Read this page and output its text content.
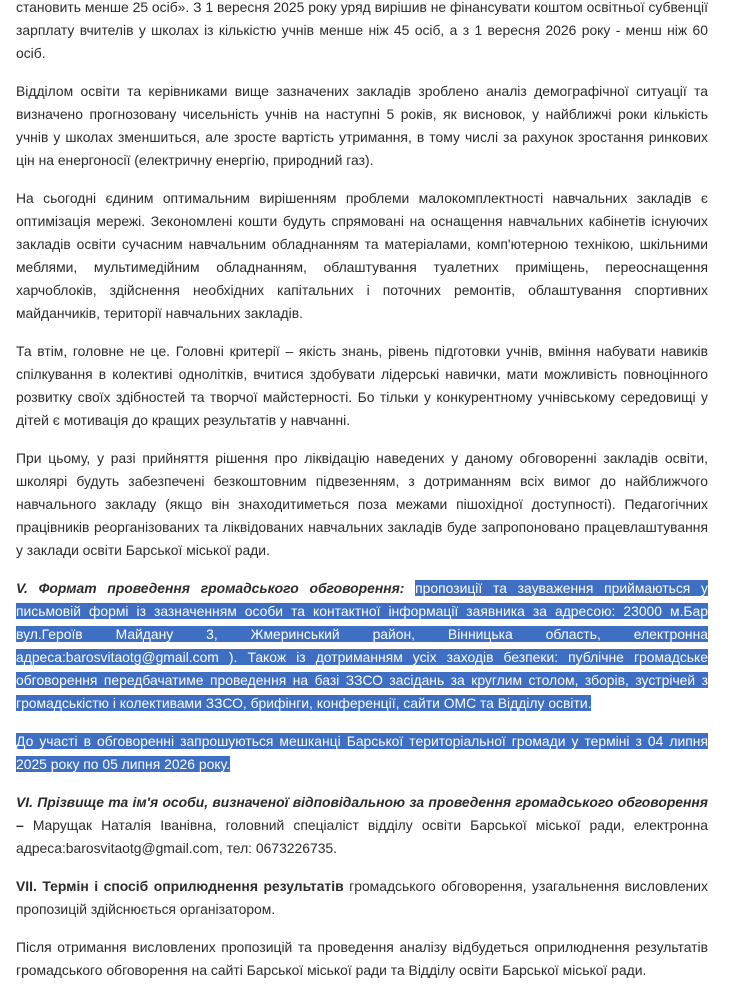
становить менше 25 осіб». З 1 вересня 2025 року уряд вирішив не фінансувати коштом освітньої субвенції зарплату вчителів у школах із кількістю учнів менше ніж 45 осіб, а з 1 вересня 2026 року - менш ніж 60 осіб.

Відділом освіти та керівниками вище зазначених закладів зроблено аналіз демографічної ситуації та визначено прогнозовану чисельність учнів на наступні 5 років, як висновок, у найближчі роки кількість учнів у школах зменшиться, але зросте вартість утримання, в тому числі за рахунок зростання ринкових цін на енергоносії (електричну енергію, природний газ).

На сьогодні єдиним оптимальним вирішенням проблеми малокомплектності навчальних закладів є оптимізація мережі. Зекономлені кошти будуть спрямовані на оснащення навчальних кабінетів існуючих закладів освіти сучасним навчальним обладнанням та матеріалами, комп'ютерною технікою, шкільними меблями, мультимедійним обладнанням, облаштування туалетних приміщень, переоснащення харчоблоків, здійснення необхідних капітальних і поточних ремонтів, облаштування спортивних майданчиків, території навчальних закладів.

Та втім, головне не це. Головні критерії – якість знань, рівень підготовки учнів, вміння набувати навиків спілкування в колективі однолітків, вчитися здобувати лідерські навички, мати можливість повноцінного розвитку своїх здібностей та творчої майстерності. Бо тільки у конкурентному учнівському середовищі у дітей є мотивація до кращих результатів у навчанні.

При цьому, у разі прийняття рішення про ліквідацію наведених у даному обговоренні закладів освіти, школярі будуть забезпечені безкоштовним підвезенням, з дотриманням всіх вимог до найближчого навчального закладу (якщо він знаходитиметься поза межами пішохідної доступності). Педагогічних працівників реорганізованих та ліквідованих навчальних закладів буде запропоновано працевлаштування у заклади освіти Барської міської ради.

V. Формат проведення громадського обговорення: пропозиції та зауваження приймаються у письмовій формі із зазначенням особи та контактної інформації заявника за адресою: 23000 м.Бар вул.Героїв Майдану 3, Жмеринський район, Вінницька область, електронна адреса:barosvitaotg@gmail.com ). Також із дотриманням усіх заходів безпеки: публічне громадське обговорення передбачатиме проведення на базі ЗЗСО засідань за круглим столом, зборів, зустрічей з громадськістю і колективами ЗЗСО, брифінги, конференції, сайти ОМС та Відділу освіти.

До участі в обговоренні запрошуються мешканці Барської територіальної громади у терміні з 04 липня 2025 року по 05 липня 2026 року.

VI. Прізвище та ім'я особи, визначеної відповідальною за проведення громадського обговорення – Марущак Наталія Іванівна, головний спеціаліст відділу освіти Барської міської ради, електронна адреса:barosvitaotg@gmail.com, тел: 0673226735.

VII. Термін і спосіб оприлюднення результатів громадського обговорення, узагальнення висловлених пропозицій здійснюється організатором.

Після отримання висловлених пропозицій та проведення аналізу відбудеться оприлюднення результатів громадського обговорення на сайті Барської міської ради та Відділу освіти Барської міської ради.
